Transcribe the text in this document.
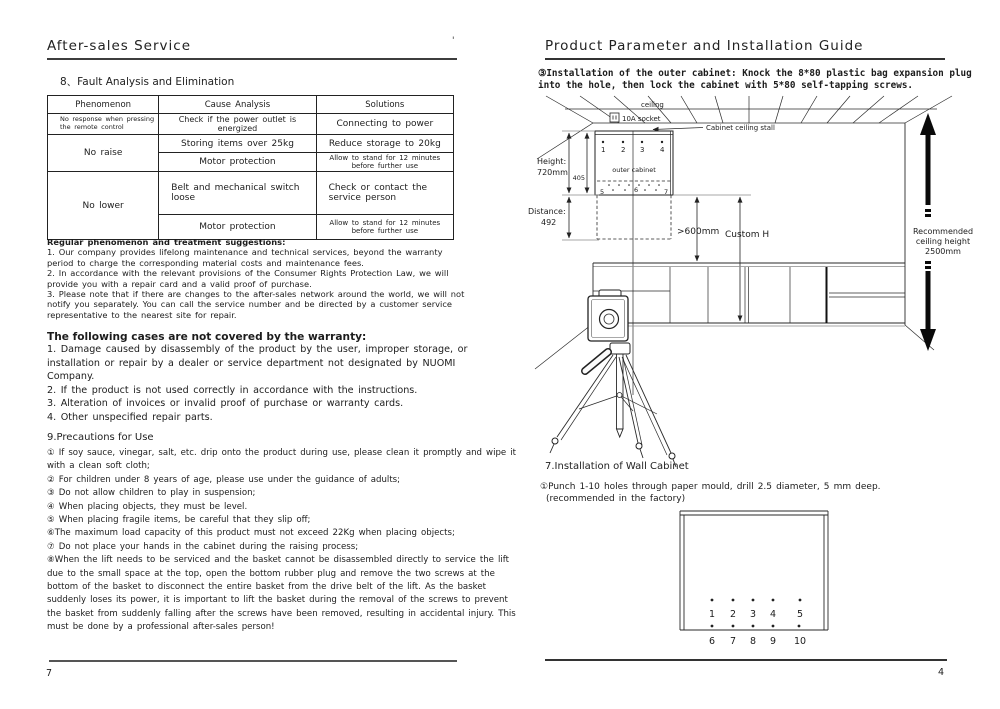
After-sales Service	'
8、Fault Analysis and Elimination
Phenomenon	Cause Analysis	Solutions
No response when pressing the remote control	Check if the power outlet is energized	Connecting to power
No raise	Storing items over 25kg	Reduce storage to 20kg
	Motor protection	Allow to stand for 12 minutes before further use
No lower	Belt and mechanical switch loose	Check or contact the service person
	Motor protection	Allow to stand for 12 minutes before further use
Regular phenomenon and treatment suggestions:

1. Our company provides lifelong maintenance and technical services, beyond the warranty period to charge the corresponding material costs and maintenance fees.

2. In accordance with the relevant provisions of the Consumer Rights Protection Law, we will provide you with a repair card and a valid proof of purchase.

3. Please note that if there are changes to the after-sales network around the world, we will not notify you separately. You can call the service number and be directed by a customer service representative to the nearest site for repair.

The following cases are not covered by the warranty:

1. Damage caused by disassembly of the product by the user, improper storage, or installation or repair by a dealer or service department not designated by NUOMI Company.

2. If the product is not used correctly in accordance with the instructions.

3. Alteration of invoices or invalid proof of purchase or warranty cards.

4. Other unspecified repair parts.

9.Precautions for Use

① If soy sauce, vinegar, salt, etc. drip onto the product during use, please clean it promptly and wipe it with a clean soft cloth;

② For children under 8 years of age, please use under the guidance of adults;

③ Do not allow children to play in suspension;

④ When placing objects, they must be level.

⑤ When placing fragile items, be careful that they slip off;

⑥The maximum load capacity of this product must not exceed 22Kg when placing objects;

⑦ Do not place your hands in the cabinet during the raising process;

⑧When the lift needs to be serviced and the basket cannot be disassembled directly to service the lift due to the small space at the top, open the bottom rubber plug and remove the two screws at the bottom of the basket to disconnect the entire basket from the drive belt of the lift. As the basket suddenly loses its power, it is important to lift the basket during the removal of the screws to prevent the basket from suddenly falling after the screws have been removed, resulting in accidental injury. This must be done by a professional after-sales person!

7
Product Parameter and Installation Guide
③Installation of the outer cabinet: Knock the 8*80 plastic bag expansion plug into the hole, then lock the cabinet with 5*80 self-tapping screws.
ceiling
10A socket
Cabinet ceiling stall
1 2 3 4
outer cabinet
5	6	7
Height:
720mm
405
Distance:
492
>600mm Custom H	Recommended
ceiling height
2500mm
7.Installation of Wall Cabinet
①Punch 1-10 holes through paper mould, drill 2.5 diameter, 5 mm deep.
(recommended in the factory)
1 2 3 4 5
6 7 8 9 10
4
